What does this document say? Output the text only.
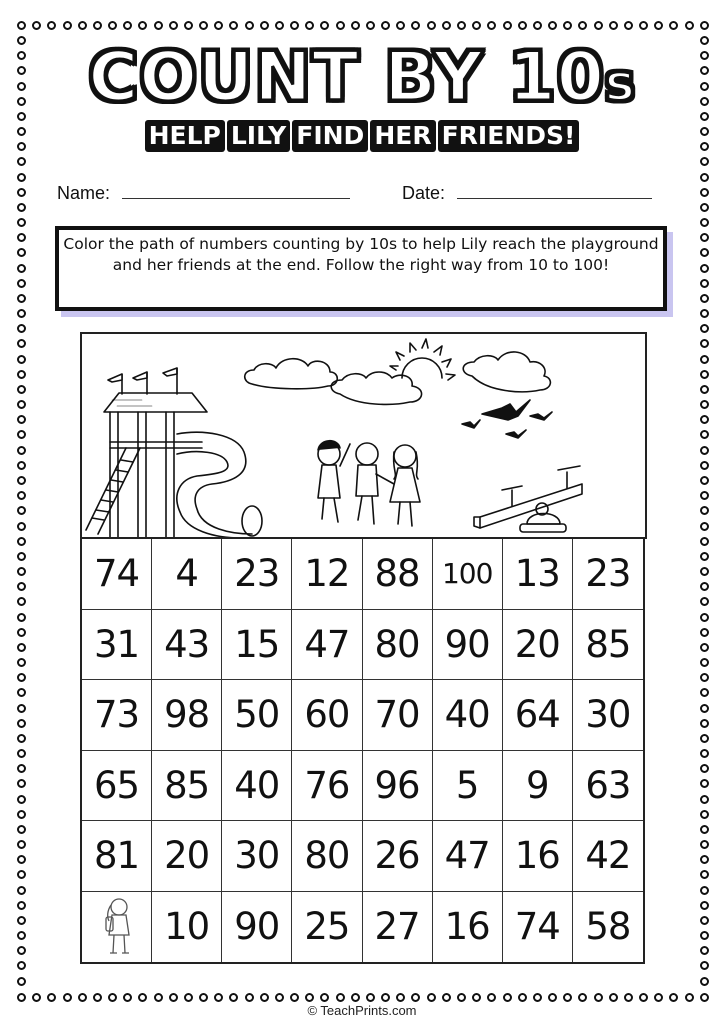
COUNT BY 10s
HELP LILY FIND HER FRIENDS!
Name:	Date:
Color the path of numbers counting by 10s to help Lily reach the playground and her friends at the end. Follow the right way from 10 to 100!
74 4 23 12 88 100 13 23
31 43 15 47 80 90 20 85
73 98 50 60 70 40 64 30
65 85 40 76 96 5	9 63
81 20 30 80 26 47 16 42
10 90 25 27 16 74 58
© TeachPrints.com
